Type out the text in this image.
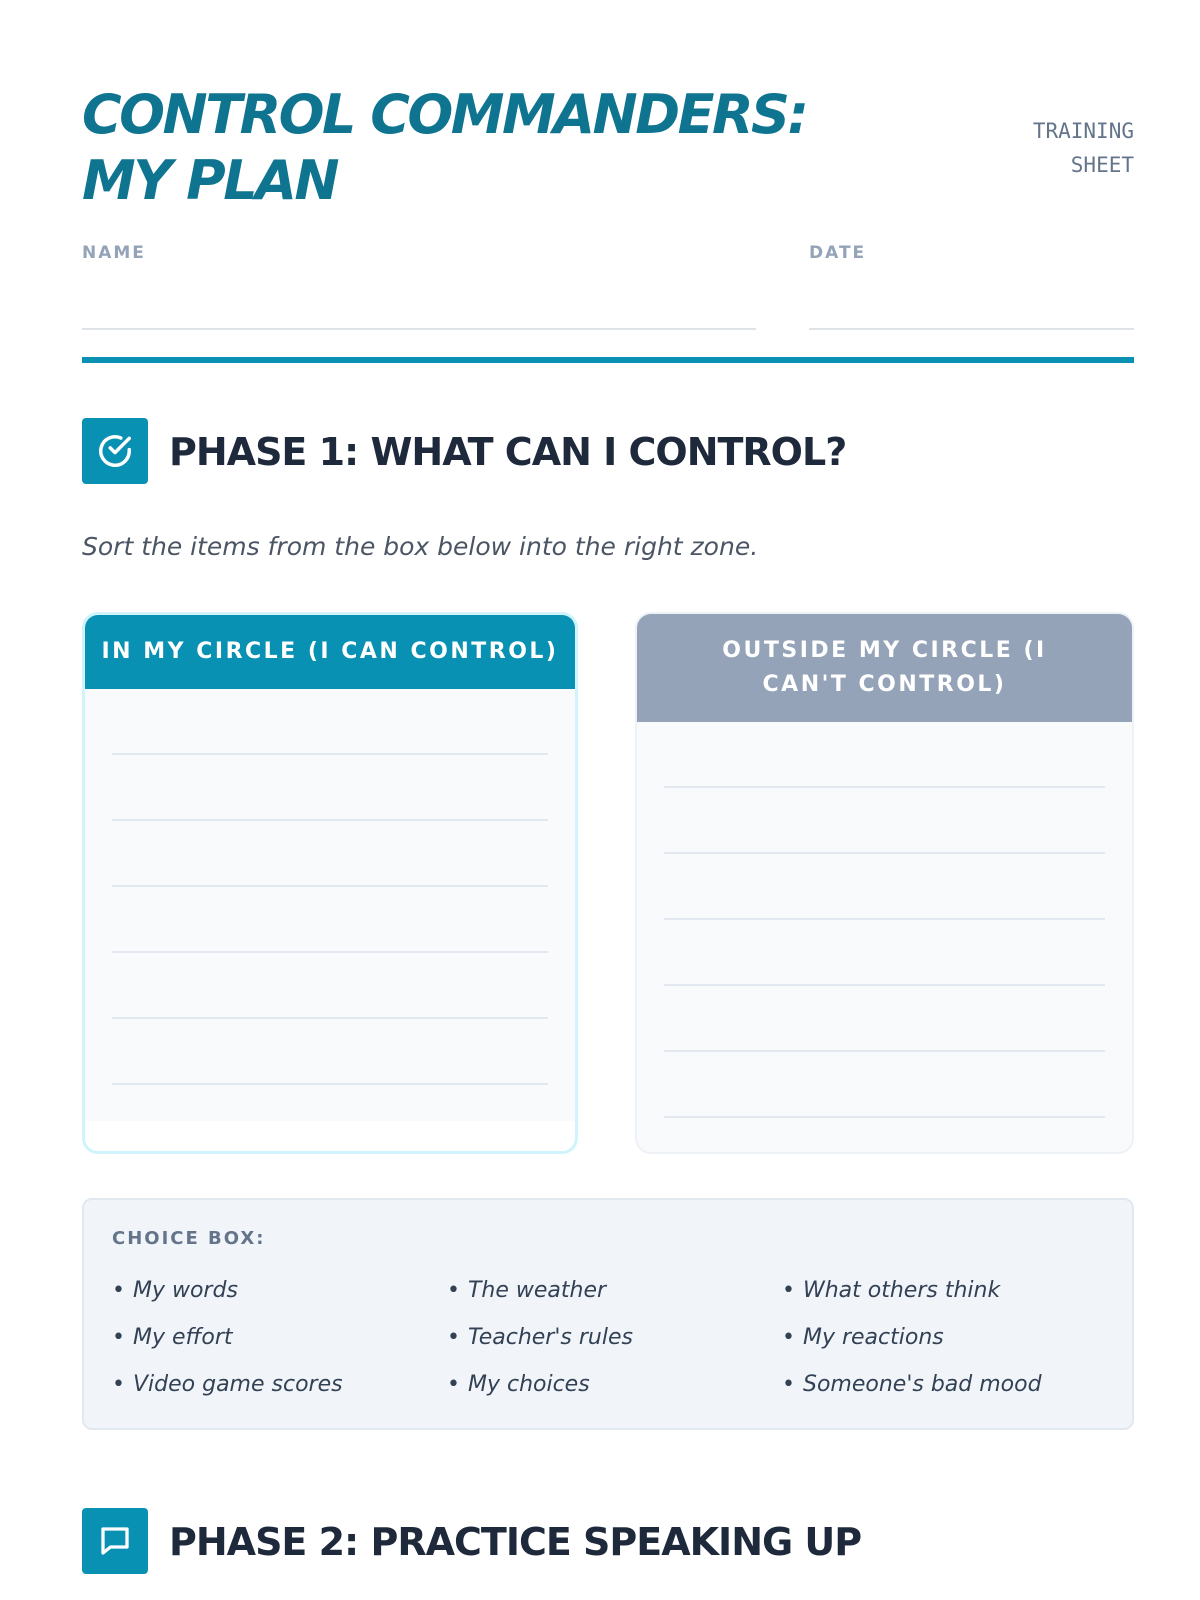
CONTROL COMMANDERS:
MY PLAN
TRAINING
SHEET
NAME	DATE
PHASE 1: WHAT CAN I CONTROL?
Sort the items from the box below into the right zone.
IN MY CIRCLE (I CAN CONTROL)	OUTSIDE MY CIRCLE (I CAN'T CONTROL)
CHOICE BOX:
• My words	• The weather	• What others think
• My effort	• Teacher's rules	• My reactions
• Video game scores	• My choices	• Someone's bad mood
PHASE 2: PRACTICE SPEAKING UP
